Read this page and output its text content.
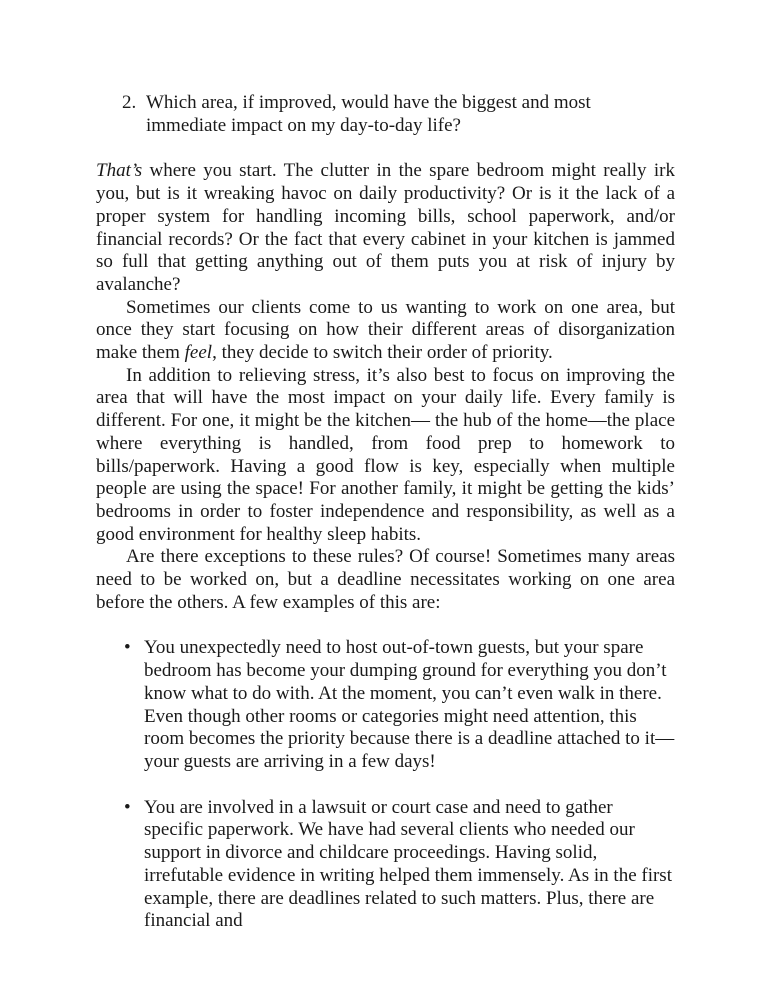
2. Which area, if improved, would have the biggest and most immediate impact on my day-to-day life?

That’s where you start. The clutter in the spare bedroom might really irk you, but is it wreaking havoc on daily productivity? Or is it the lack of a proper system for handling incoming bills, school paperwork, and/or financial records? Or the fact that every cabinet in your kitchen is jammed so full that getting anything out of them puts you at risk of injury by avalanche?

Sometimes our clients come to us wanting to work on one area, but once they start focusing on how their different areas of disorganization make them feel, they decide to switch their order of priority.

In addition to relieving stress, it’s also best to focus on improving the area that will have the most impact on your daily life. Every family is different. For one, it might be the kitchen— the hub of the home—the place where everything is handled, from food prep to homework to bills/paperwork. Having a good flow is key, especially when multiple people are using the space! For another family, it might be getting the kids’ bedrooms in order to foster independence and responsibility, as well as a good environment for healthy sleep habits.

Are there exceptions to these rules? Of course! Sometimes many areas need to be worked on, but a deadline necessitates working on one area before the others. A few examples of this are:

• You unexpectedly need to host out-of-town guests, but your spare bedroom has become your dumping ground for everything you don’t know what to do with. At the moment, you can’t even walk in there. Even though other rooms or categories might need attention, this room becomes the priority because there is a deadline attached to it—your guests are arriving in a few days!
• You are involved in a lawsuit or court case and need to gather specific paperwork. We have had several clients who needed our support in divorce and childcare proceedings. Having solid, irrefutable evidence in writing helped them immensely. As in the first example, there are deadlines related to such matters. Plus, there are financial and
